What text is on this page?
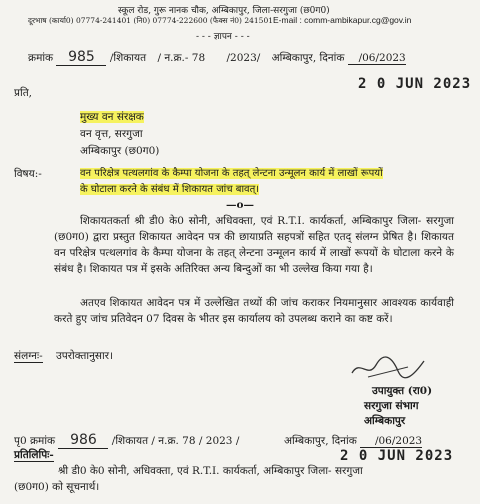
स्कूल रोड, गुरू नानक चौक, अम्बिकापुर, जिला-सरगुजा (छ0ग0)
दूरभाष (कार्या0) 07774-241401 (नि0) 07774-222600 (फैक्स नं0) 241501 E-mail : comm-ambikapur.cg@gov.in
- - - ज्ञापन - - -
क्रमांक 985 /शिकायत / न.क्र.- 78 /2023/ अम्बिकापुर, दिनांक /06/2023
2 0 JUN 2023
प्रति,
मुख्य वन संरक्षक
वन वृत्त, सरगुजा
अम्बिकापुर (छ0ग0)
विषय:-	वन परिक्षेत्र पत्थलगांव के कैम्पा योजना के तहत् लेन्टना उन्मूलन कार्य में लाखों रूपयों
के घोटाला करने के संबंध में शिकायत जांच बावत्।
—o—
शिकायतकर्ता श्री डी0 के0 सोनी, अधिवक्ता, एवं R.T.I. कार्यकर्ता, अम्बिकापुर जिला- सरगुजा (छ0ग0) द्वारा प्रस्तुत शिकायत आवेदन पत्र की छायाप्रति सहपत्रों सहित एतद् संलग्न प्रेषित है। शिकायत वन परिक्षेत्र पत्थलगांव के कैम्पा योजना के तहत् लेन्टना उन्मूलन कार्य में लाखों रूपयों के घोटाला करने के संबंध है। शिकायत पत्र में इसके अतिरिक्त अन्य बिन्दुओं का भी उल्लेख किया गया है।
अतएव शिकायत आवेदन पत्र में उल्लेखित तथ्यों की जांच कराकर नियमानुसार आवश्यक कार्यवाही करते हुए जांच प्रतिवेदन 07 दिवस के भीतर इस कार्यालय को उपलब्ध कराने का कष्ट करें।
संलग्नः- उपरोक्तानुसार।
उपायुक्त (रा0)
सरगुजा संभाग
अम्बिकापुर
पृ0 क्रमांक 986 /शिकायत / न.क्र. 78 / 2023 /	अम्बिकापुर, दिनांक /06/2023
2 0 JUN 2023
प्रतिलिपिः-
श्री डी0 के0 सोनी, अधिवक्ता, एवं R.T.I. कार्यकर्ता, अम्बिकापुर जिला- सरगुजा
(छ0ग0) को सूचनार्थ।
